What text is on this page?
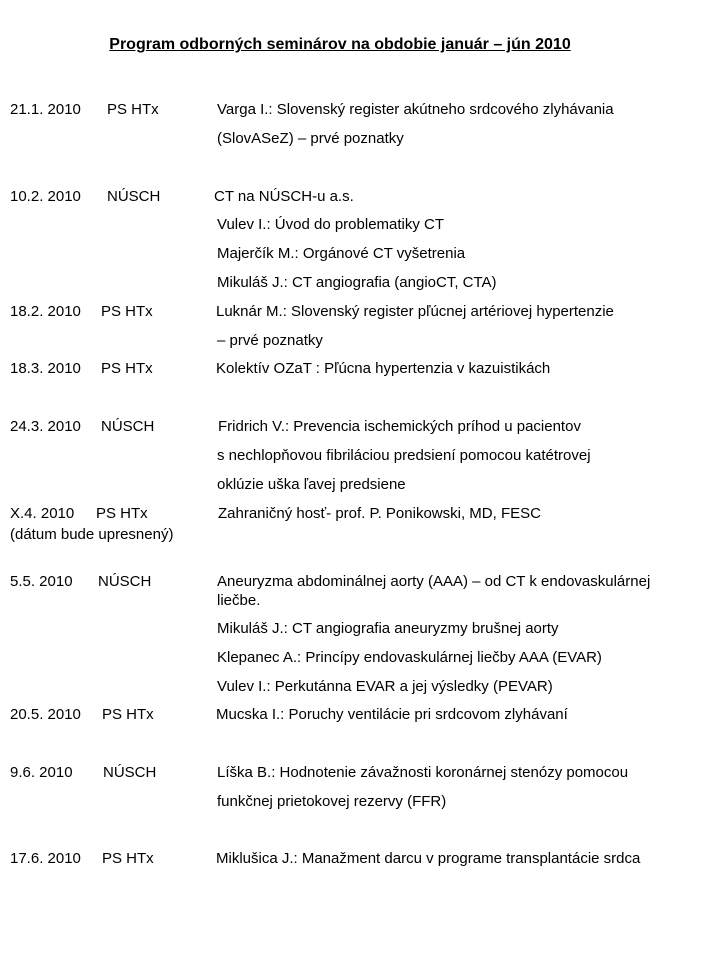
Program odborných seminárov na obdobie január – jún 2010
21.1. 2010 PS HTx	Varga I.: Slovenský register akútneho srdcového zlyhávania
(SlovASeZ) – prvé poznatky
10.2. 2010 NÚSCH	CT na NÚSCH-u a.s.
Vulev I.: Úvod do problematiky CT
Majerčík M.: Orgánové CT vyšetrenia
Mikuláš J.: CT angiografia (angioCT, CTA)
18.2. 2010 PS HTx	Luknár M.: Slovenský register pľúcnej artériovej hypertenzie
– prvé poznatky
18.3. 2010 PS HTx	Kolektív OZaT : Pľúcna hypertenzia v kazuistikách
24.3. 2010 NÚSCH	Fridrich V.: Prevencia ischemických príhod u pacientov
s nechlopňovou fibriláciou predsiení pomocou katétrovej
oklúzie uška ľavej predsiene
X.4. 2010 PS HTx	Zahraničný hosť- prof. P. Ponikowski, MD, FESC
(dátum bude upresnený)
5.5. 2010 NÚSCH	Aneuryzma abdominálnej aorty (AAA) – od CT k endovaskulárnej
liečbe.
Mikuláš J.: CT angiografia aneuryzmy brušnej aorty
Klepanec A.: Princípy endovaskulárnej liečby AAA (EVAR)
Vulev I.: Perkutánna EVAR a jej výsledky (PEVAR)
20.5. 2010 PS HTx	Mucska I.: Poruchy ventilácie pri srdcovom zlyhávaní
9.6. 2010 NÚSCH	Líška B.: Hodnotenie závažnosti koronárnej stenózy pomocou
funkčnej prietokovej rezervy (FFR)
17.6. 2010 PS HTx	Miklušica J.: Manažment darcu v programe transplantácie srdca
